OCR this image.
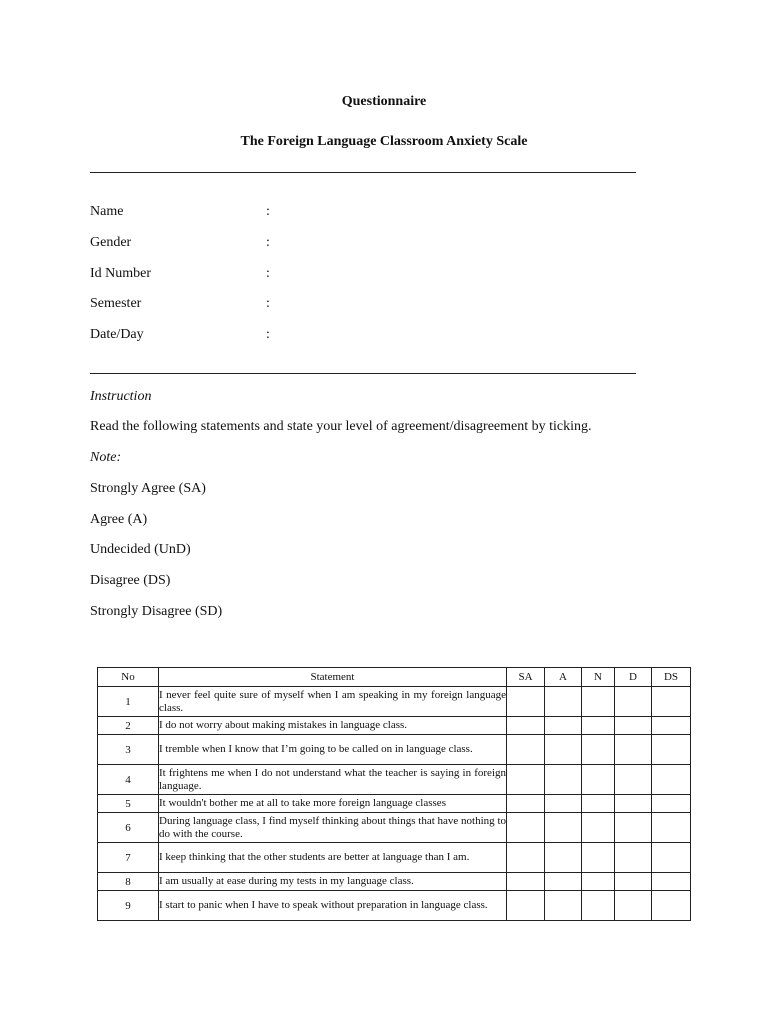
Questionnaire
The Foreign Language Classroom Anxiety Scale
Name	:
Gender	:
Id Number	:
Semester	:
Date/Day	:
Instruction
Read the following statements and state your level of agreement/disagreement by ticking.
Note:
Strongly Agree (SA)
Agree (A)
Undecided (UnD)
Disagree (DS)
Strongly Disagree (SD)
No	Statement	SA	A	N	D	DS
1	I never feel quite sure of myself when I am speaking in my foreign language class.					
2	I do not worry about making mistakes in language class.					
3	I tremble when I know that I’m going to be called on in language class.					
4	It frightens me when I do not understand what the teacher is saying in foreign language.					
5	It wouldn't bother me at all to take more foreign language classes					
6	During language class, I find myself thinking about things that have nothing to do with the course.					
7	I keep thinking that the other students are better at language than I am.					
8	I am usually at ease during my tests in my language class.					
9	I start to panic when I have to speak without preparation in language class.					
